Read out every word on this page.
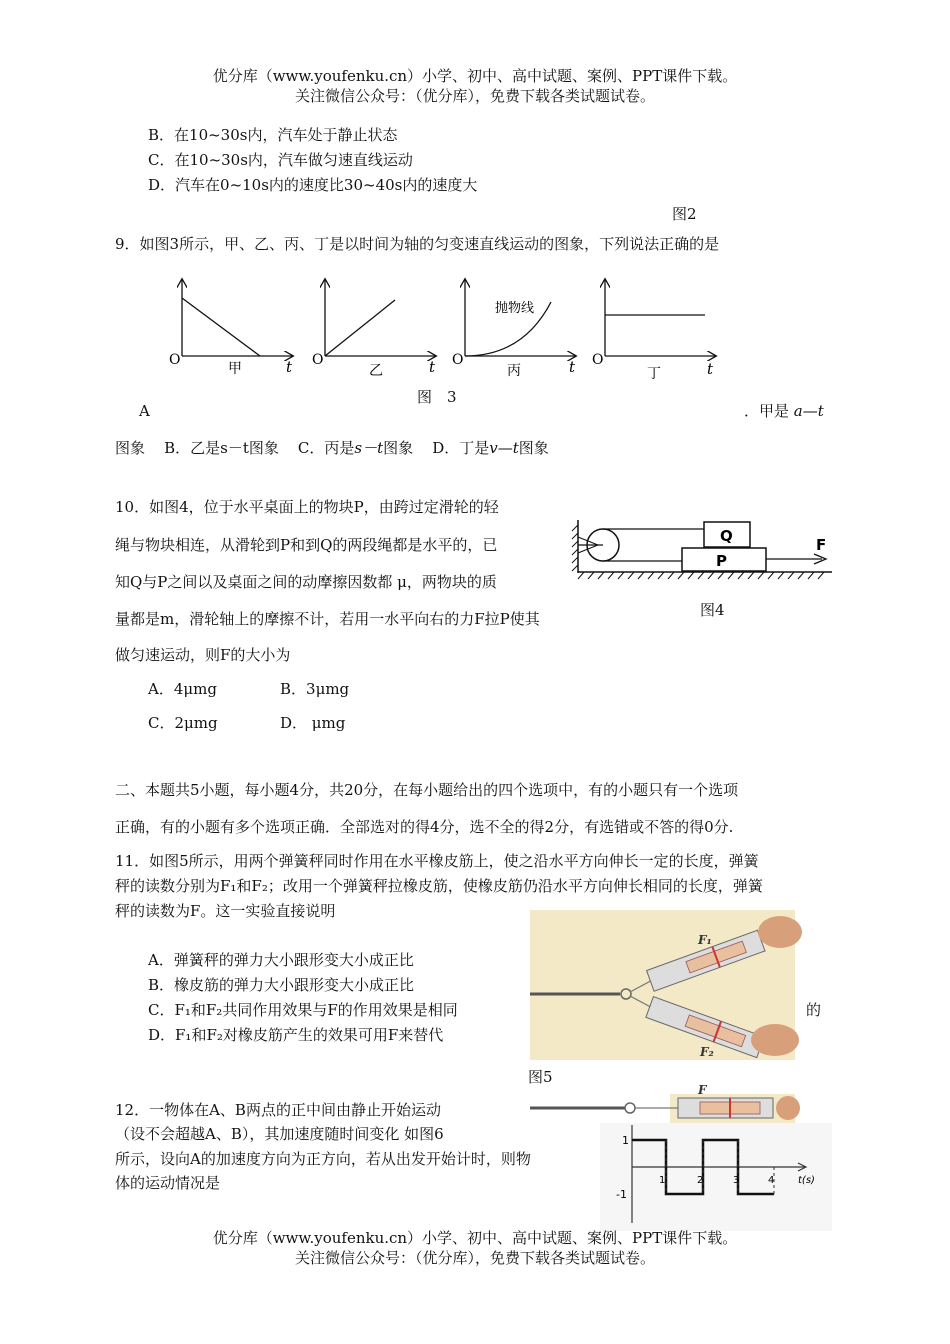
优分库（www.youfenku.cn）小学、初中、高中试题、案例、PPT课件下载。
关注微信公众号：（优分库），免费下载各类试题试卷。
B．在10~30s内，汽车处于静止状态
C．在10~30s内，汽车做匀速直线运动
D．汽车在0~10s内的速度比30~40s内的速度大
图2
9．如图3所示，甲、乙、丙、丁是以时间为轴的匀变速直线运动的图象，下列说法正确的是
O	t
甲
O	t
乙
抛物线
O	t
丙
O	t
丁
图　3
A	．甲是 a—t
图象 B．乙是s－t图象 C．丙是s－t图象 D．丁是v—t图象
10．如图4，位于水平桌面上的物块P，由跨过定滑轮的轻
绳与物块相连，从滑轮到P和到Q的两段绳都是水平的，已
知Q与P之间以及桌面之间的动摩擦因数都 μ，两物块的质
量都是m，滑轮轴上的摩擦不计，若用一水平向右的力F拉P使其
做匀速运动，则F的大小为
Q
P
F
图4
A．4μmg	B．3μmg
C．2μmg	D． μmg
二、本题共5小题，每小题4分，共20分，在每小题给出的四个选项中，有的小题只有一个选项
正确，有的小题有多个选项正确．全部选对的得4分，选不全的得2分，有选错或不答的得0分.
11．如图5所示，用两个弹簧秤同时作用在水平橡皮筋上，使之沿水平方向伸长一定的长度，弹簧
秤的读数分别为F₁和F₂；改用一个弹簧秤拉橡皮筋，使橡皮筋仍沿水平方向伸长相同的长度，弹簧
秤的读数为F。这一实验直接说明
A．弹簧秤的弹力大小跟形变大小成正比
B．橡皮筋的弹力大小跟形变大小成正比
C．F₁和F₂共同作用效果与F的作用效果是相同	的
D．F₁和F₂对橡皮筋产生的效果可用F来替代
F₁
F₂
图5
F
12．一物体在A、B两点的正中间由静止开始运动
（设不会超越A、B），其加速度随时间变化 如图6
所示，设向A的加速度方向为正方向，若从出发开始计时，则物
体的运动情况是
1
-1
1	2	3	4 t(s)
优分库（www.youfenku.cn）小学、初中、高中试题、案例、PPT课件下载。
关注微信公众号：（优分库），免费下载各类试题试卷。
